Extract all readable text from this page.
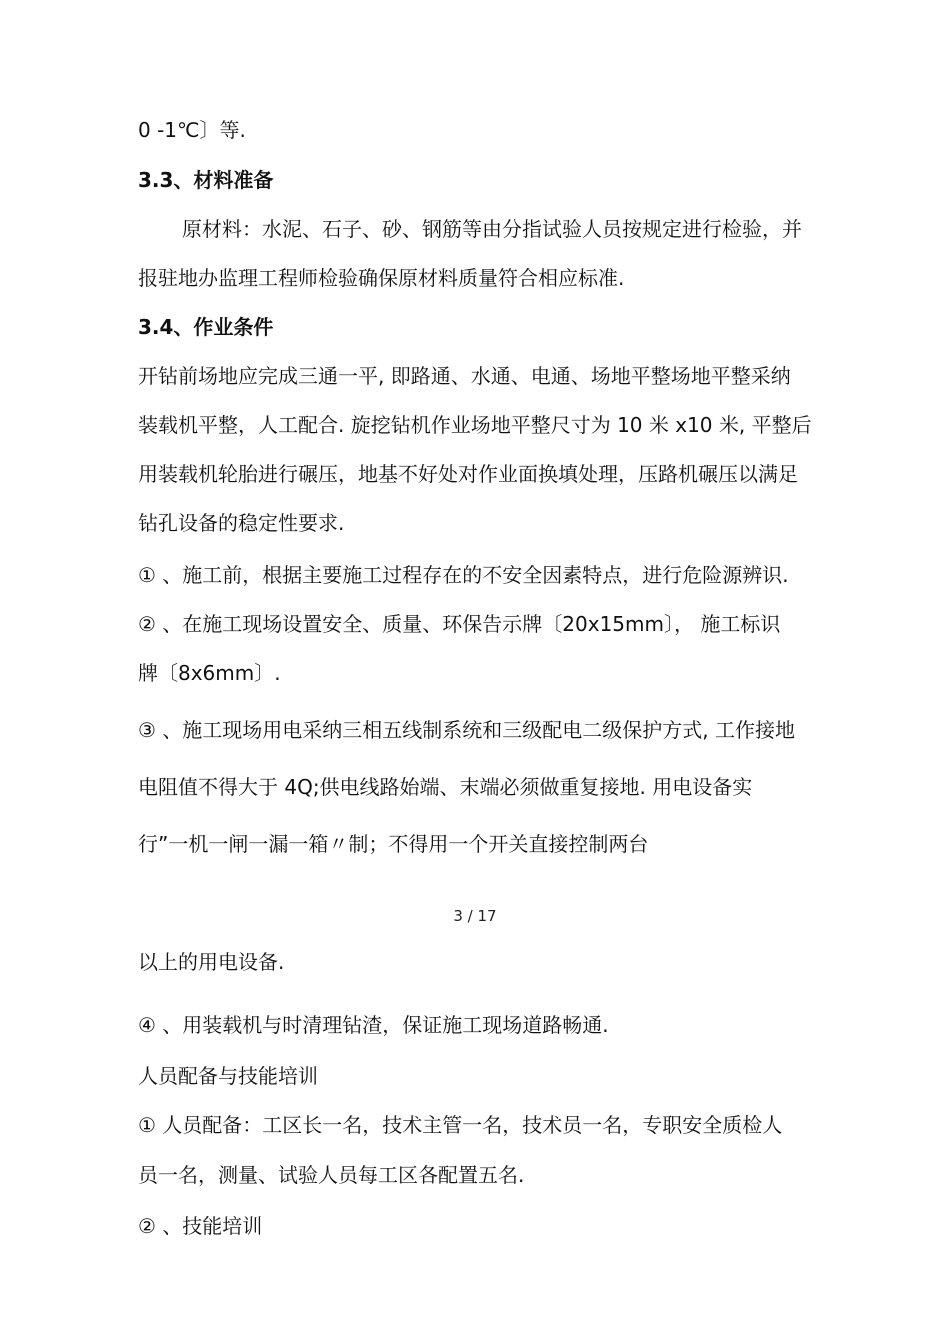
0 -1℃〕等.
3.3、材料准备
原材料：水泥、石子、砂、钢筋等由分指试验人员按规定进行检验，并
报驻地办监理工程师检验确保原材料质量符合相应标准.
3.4、作业条件
开钻前场地应完成三通一平, 即路通、水通、电通、场地平整场地平整采纳
装载机平整，人工配合. 旋挖钻机作业场地平整尺寸为 10 米 x10 米, 平整后
用装载机轮胎进行碾压，地基不好处对作业面换填处理，压路机碾压以满足
钻孔设备的稳定性要求.
① 、施工前，根据主要施工过程存在的不安全因素特点，进行危险源辨识.
② 、在施工现场设置安全、质量、环保告示牌〔20x15mm〕， 施工标识
牌〔8x6mm〕.
③ 、施工现场用电采纳三相五线制系统和三级配电二级保护方式, 工作接地
电阻值不得大于 4Q;供电线路始端、末端必须做重复接地. 用电设备实
行”一机一闸一漏一箱〃制；不得用一个开关直接控制两台
3 / 17
以上的用电设备.
④ 、用装载机与时清理钻渣，保证施工现场道路畅通.
人员配备与技能培训
① 人员配备：工区长一名，技术主管一名，技术员一名，专职安全质检人
员一名，测量、试验人员每工区各配置五名.
② 、技能培训
